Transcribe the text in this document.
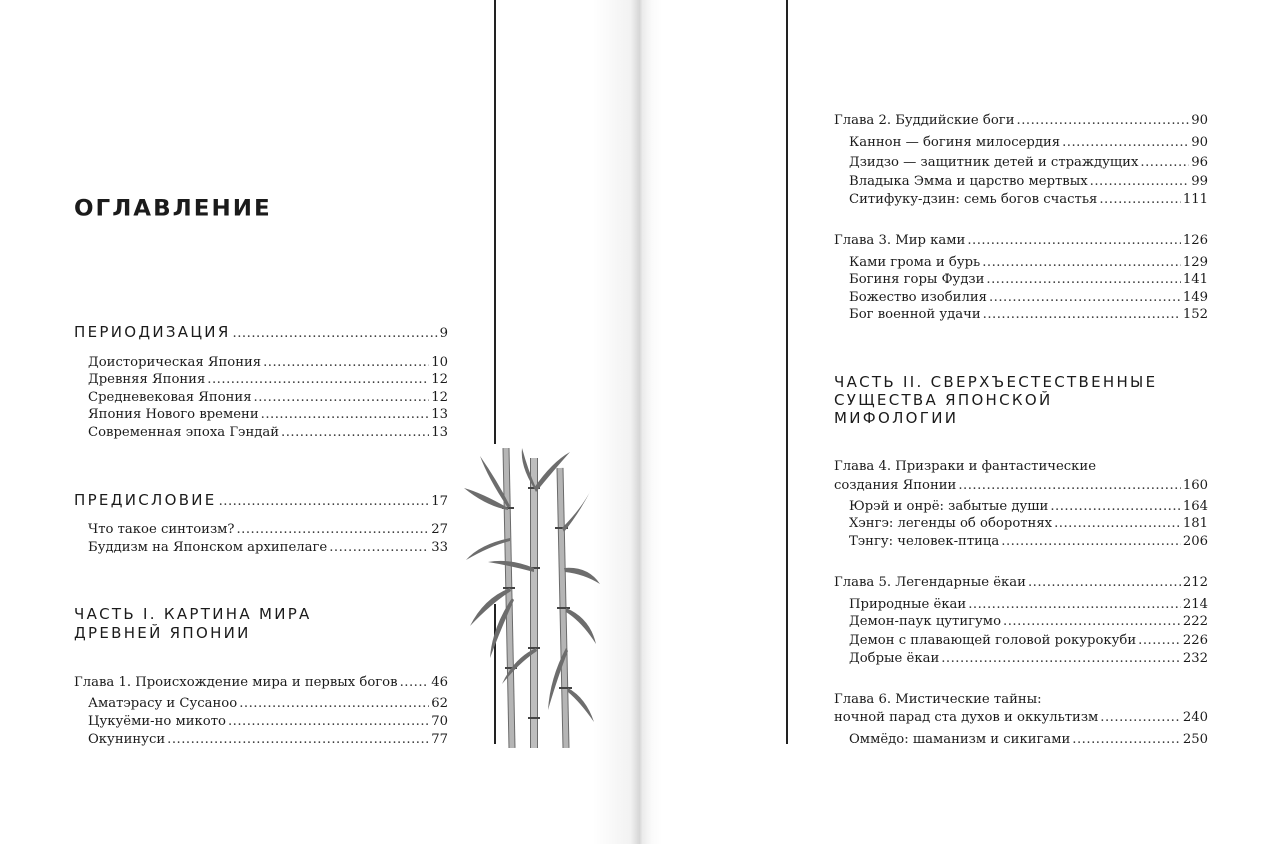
ОГЛАВЛЕНИЕ
ПЕРИОДИЗАЦИЯ .....	9
Доисторическая Япония .....	10
Древняя Япония .....	12
Средневековая Япония .....	12
Япония Нового времени .....	13
Современная эпоха Гэндай .....	13
ПРЕДИСЛОВИЕ .....	17
Что такое синтоизм? .....	27
Буддизм на Японском архипелаге .....	33
ЧАСТЬ I. КАРТИНА МИРА
ДРЕВНЕЙ ЯПОНИИ
Глава 1. Происхождение мира и первых богов .....	46
Аматэрасу и Сусаноо .....	62
Цукуёми-но микото .....	70
Окунинуси .....	77
Глава 2. Буддийские боги .....	90
Каннон — богиня милосердия .....	90
Дзидзо — защитник детей и страждущих .....	96
Владыка Эмма и царство мертвых .....	99
Ситифуку-дзин: семь богов счастья .....	111
Глава 3. Мир ками .....	126
Ками грома и бурь .....	129
Богиня горы Фудзи .....	141
Божество изобилия .....	149
Бог военной удачи .....	152
ЧАСТЬ II. СВЕРХЪЕСТЕСТВЕННЫЕ
СУЩЕСТВА ЯПОНСКОЙ
МИФОЛОГИИ
Глава 4. Призраки и фантастические
создания Японии .....	160
Юрэй и онрё: забытые души .....	164
Хэнгэ: легенды об оборотнях .....	181
Тэнгу: человек-птица .....	206
Глава 5. Легендарные ёкаи .....	212
Природные ёкаи .....	214
Демон-паук цутигумо .....	222
Демон с плавающей головой рокурокуби .....	226
Добрые ёкаи .....	232
Глава 6. Мистические тайны:
ночной парад ста духов и оккультизм .....	240
Оммёдо: шаманизм и сикигами .....	250
